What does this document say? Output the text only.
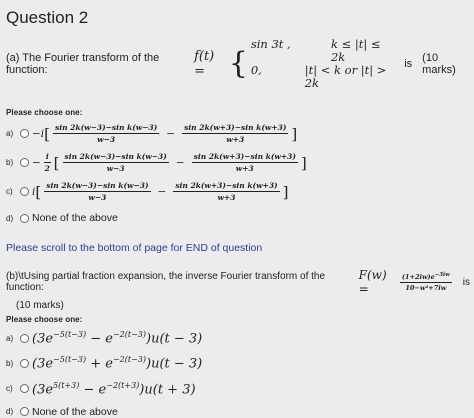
Question 2
(a) The Fourier transform of the function:
f(t) = {
sin 3t ,	k ≤ |t| ≤ 2k
0,	|t| < k or |t| > 2k
is (10 marks)
Please choose one:
a)	−i [ $\frac{\text{sin 2k(w−3)−sin k(w−3)}}{w-3} - \frac{\text{sin 2k(w+3)−sin k(w+3)}}{w+3}$ ]
b)	− $\frac{i}{2}$ [ $\frac{\text{sin 2k(w−3)−sin k(w−3)}}{w-3} - \frac{\text{sin 2k(w+3)−sin k(w+3)}}{w+3}$ ]
c)	i [ $\frac{\text{sin 2k(w−3)−sin k(w−3)}}{w-3} - \frac{\text{sin 2k(w+3)−sin k(w+3)}}{w+3}$ ]
d)	None of the above
Please scroll to the bottom of page for END of question
(b)\tUsing partial fraction expansion, the inverse Fourier transform of the function:
F(w) =	$\frac{(1+2iw)e^{-3iw}}{\text{10−w²+7iw}}$ is
(10 marks)
Please choose one:
a)	$(3e^{-5(t-3)} - e^{-2(t-3)})u(t - 3)$
b)	$(3e^{-5(t-3)} + e^{-2(t-3)})u(t - 3)$
c)	$(3e^{5(t+3)} - e^{-2(t+3)})u(t + 3)$
d)	None of the above
